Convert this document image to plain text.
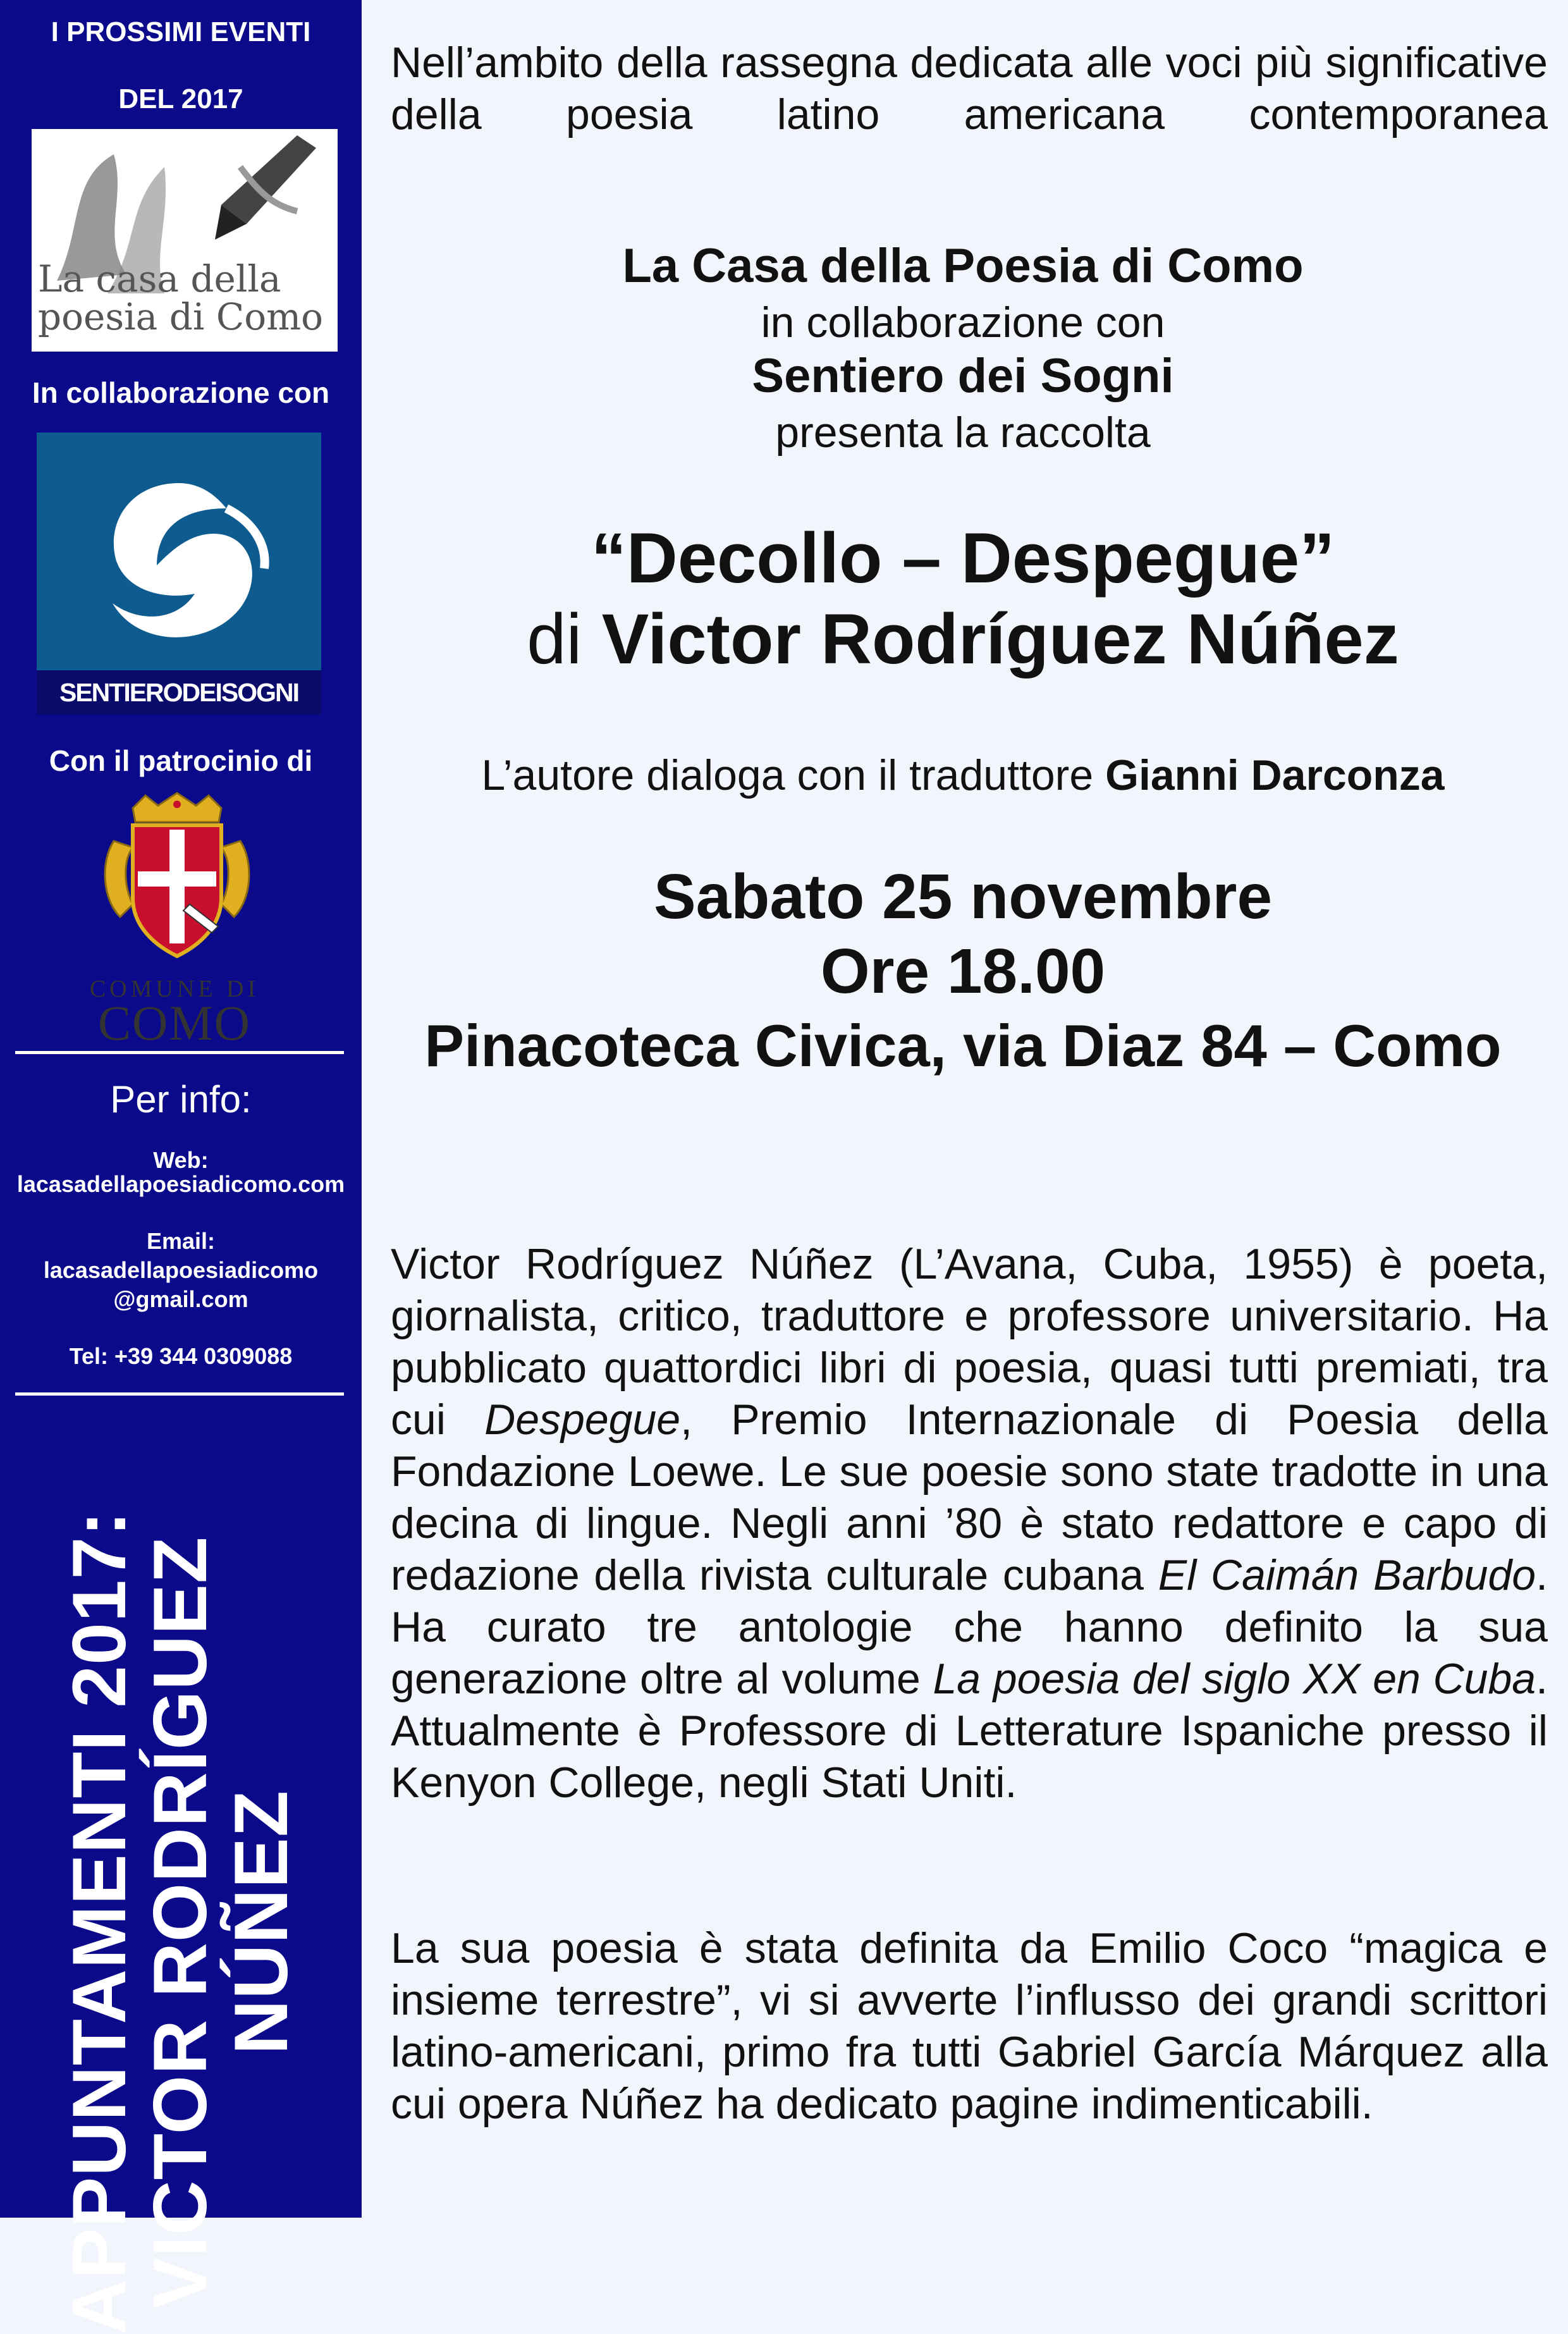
I PROSSIMI EVENTI
DEL 2017
La casa della
poesia di Como
In collaborazione con
SENTIERODEISOGNI
Con il patrocinio di
COMUNE DI
COMO
Per info:
Web:
lacasadellapoesiadicomo.com
Email:
lacasadellapoesiadicomo
@gmail.com
Tel: +39 344 0309088
APPUNTAMENTI 2017:
VICTOR RODRÍGUEZ
NÚÑEZ
Nell’ambito della rassegna dedicata alle voci più significative della poesia latino americana contemporanea
La Casa della Poesia di Como
in collaborazione con
Sentiero dei Sogni
presenta la raccolta
“Decollo – Despegue”
di Victor Rodríguez Núñez
L’autore dialoga con il traduttore Gianni Darconza
Sabato 25 novembre
Ore 18.00
Pinacoteca Civica, via Diaz 84 – Como
Victor Rodríguez Núñez (L’Avana, Cuba, 1955) è poeta, giornalista, critico, traduttore e professore universitario. Ha pubblicato quattordici libri di poesia, quasi tutti premiati, tra cui Despegue, Premio Internazionale di Poesia della Fondazione Loewe. Le sue poesie sono state tradotte in una decina di lingue. Negli anni ’80 è stato redattore e capo di redazione della rivista culturale cubana El Caimán Barbudo. Ha curato tre antologie che hanno definito la sua generazione oltre al volume La poesia del siglo XX en Cuba. Attualmente è Professore di Letterature Ispaniche presso il Kenyon College, negli Stati Uniti.
La sua poesia è stata definita da Emilio Coco “magica e insieme terrestre”, vi si avverte l’influsso dei grandi scrittori latino-americani, primo fra tutti Gabriel García Márquez alla cui opera Núñez ha dedicato pagine indimenticabili.
